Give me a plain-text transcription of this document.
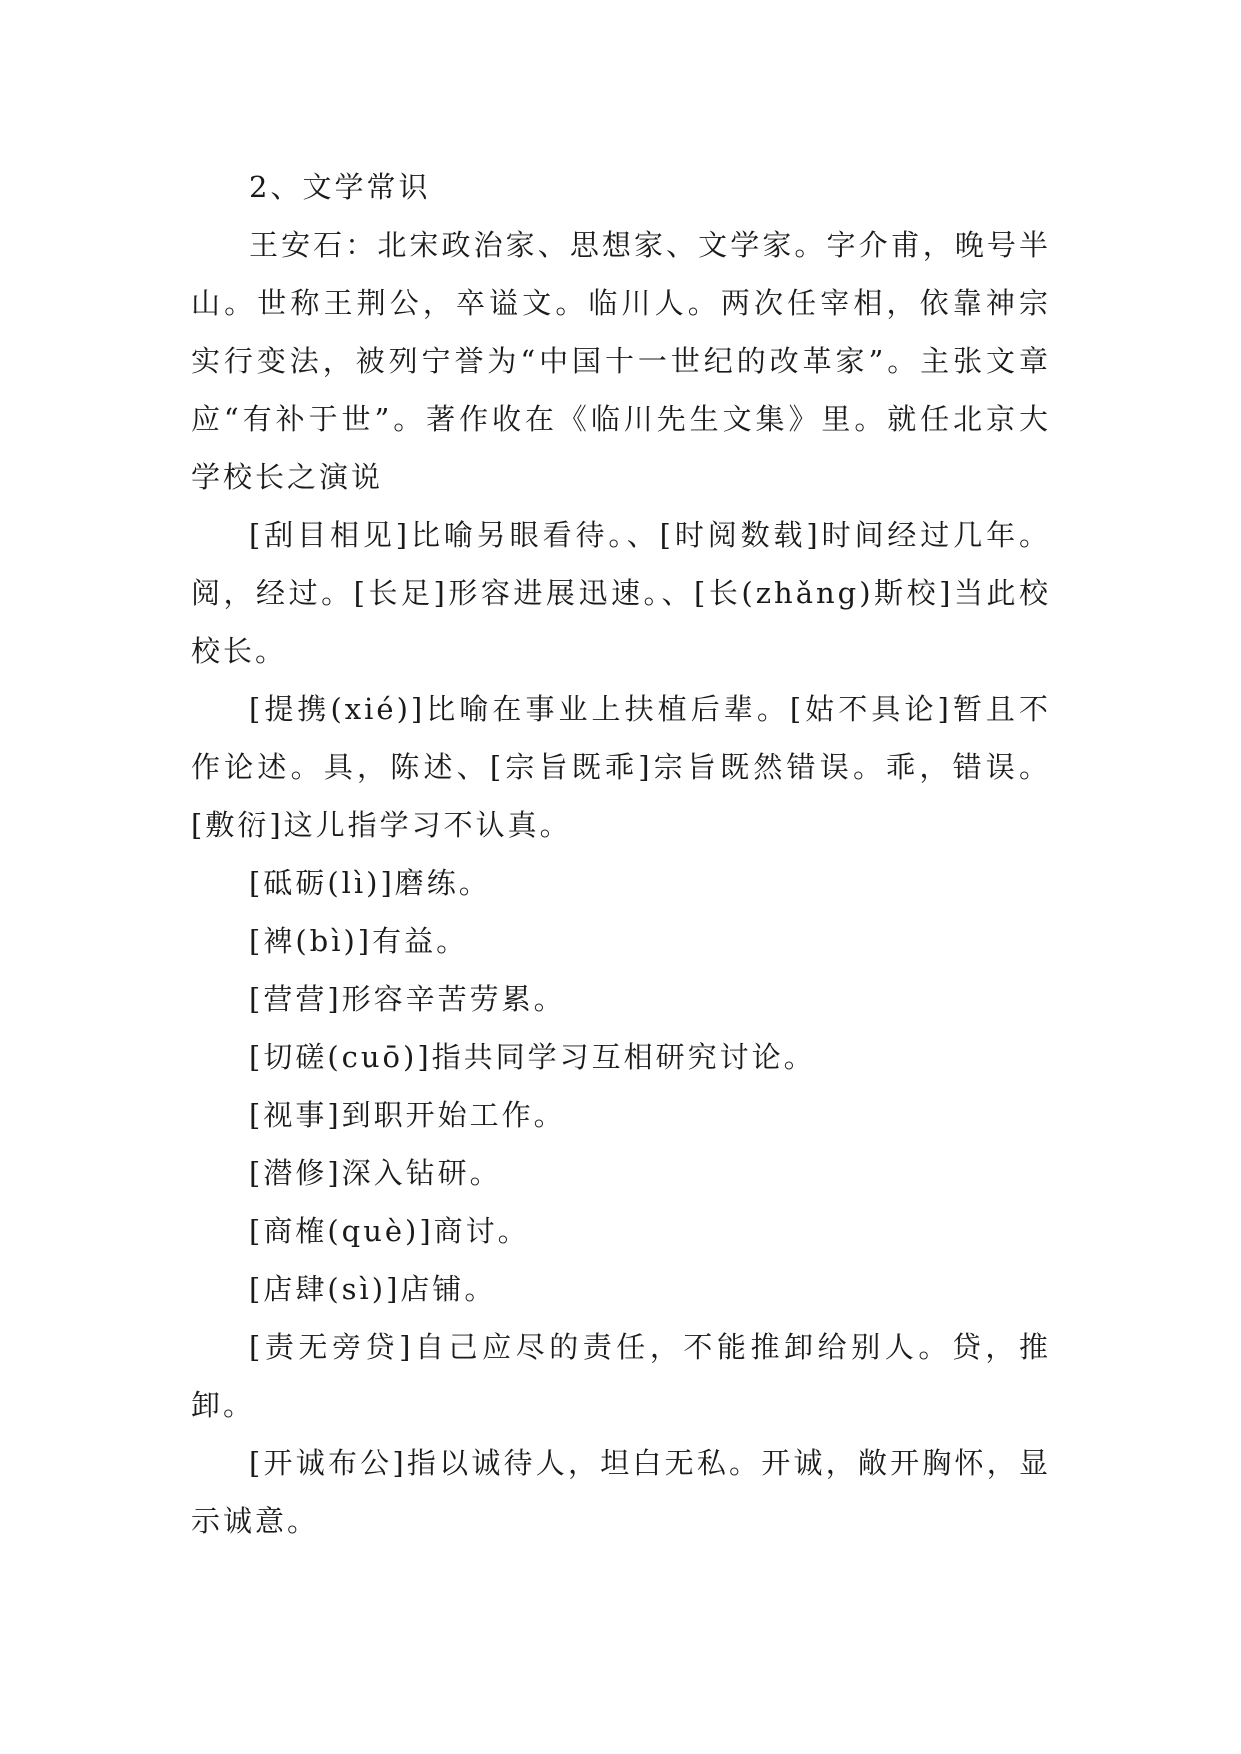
2、文学常识

王安石：北宋政治家、思想家、文学家。字介甫，晚号半山。世称王荆公，卒谥文。临川人。两次任宰相，依靠神宗实行变法，被列宁誉为“中国十一世纪的改革家”。主张文章应“有补于世”。著作收在《临川先生文集》里。就任北京大学校长之演说

[刮目相见]比喻另眼看待。、[时阅数载]时间经过几年。阅，经过。[长足]形容进展迅速。、[长(zhǎng)斯校]当此校校长。

[提携(xié)]比喻在事业上扶植后辈。[姑不具论]暂且不作论述。具，陈述、[宗旨既乖]宗旨既然错误。乖，错误。[敷衍]这儿指学习不认真。

[砥砺(lì)]磨练。

[裨(bì)]有益。

[营营]形容辛苦劳累。

[切磋(cuō)]指共同学习互相研究讨论。

[视事]到职开始工作。

[潜修]深入钻研。

[商榷(què)]商讨。

[店肆(sì)]店铺。

[责无旁贷]自己应尽的责任，不能推卸给别人。贷，推卸。

[开诚布公]指以诚待人，坦白无私。开诚，敞开胸怀，显示诚意。
